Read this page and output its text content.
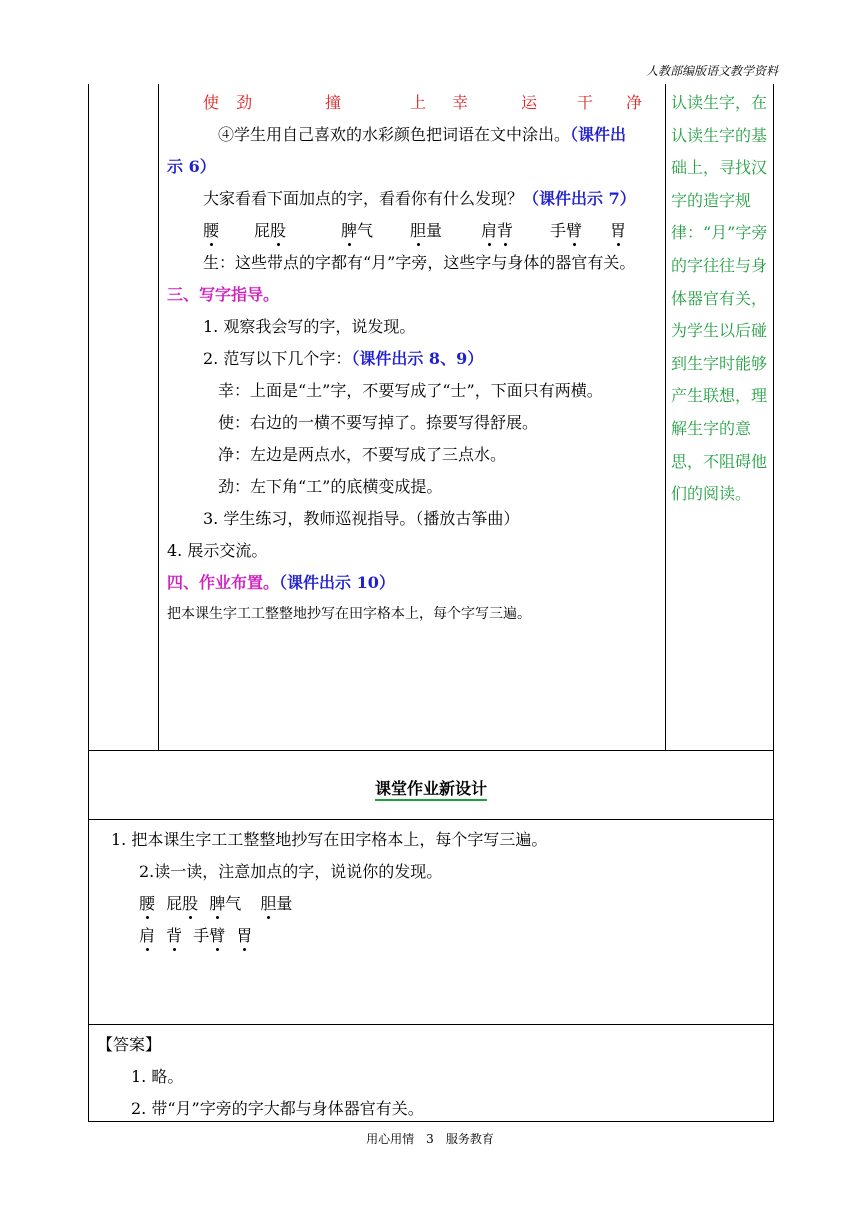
人教部编版语文教学资料
使 劲	撞 上
幸 运 干 净
④学生用自己喜欢的水彩颜色把词语在文中涂出。（课件出
示 6）
大家看看下面加点的字，看看你有什么发现？（课件出示 7）
腰 屁股	脾气 胆量 肩背 手臂 胃
生：这些带点的字都有“月”字旁，这些字与身体的器官有关。
三、写字指导。
1. 观察我会写的字，说发现。
2. 范写以下几个字：（课件出示 8、9）
幸：上面是“土”字，不要写成了“士”，下面只有两横。
使：右边的一横不要写掉了。捺要写得舒展。
净：左边是两点水，不要写成了三点水。
劲：左下角“工”的底横变成提。
3. 学生练习，教师巡视指导。（播放古筝曲）
4. 展示交流。
四、作业布置。（课件出示 10）
把本课生字工工整整地抄写在田字格本上，每个字写三遍。
认读生字，在认读生字的基础上，寻找汉字的造字规律：“月”字旁的字往往与身体器官有关，为学生以后碰到生字时能够产生联想，理解生字的意思，不阻碍他们的阅读。
课堂作业新设计
1. 把本课生字工工整整地抄写在田字格本上，每个字写三遍。
2.读一读，注意加点的字，说说你的发现。
腰 屁股 脾气 胆量
肩 背 手臂 胃
【答案】
1. 略。
2. 带“月”字旁的字大都与身体器官有关。
用心用情 3 服务教育
